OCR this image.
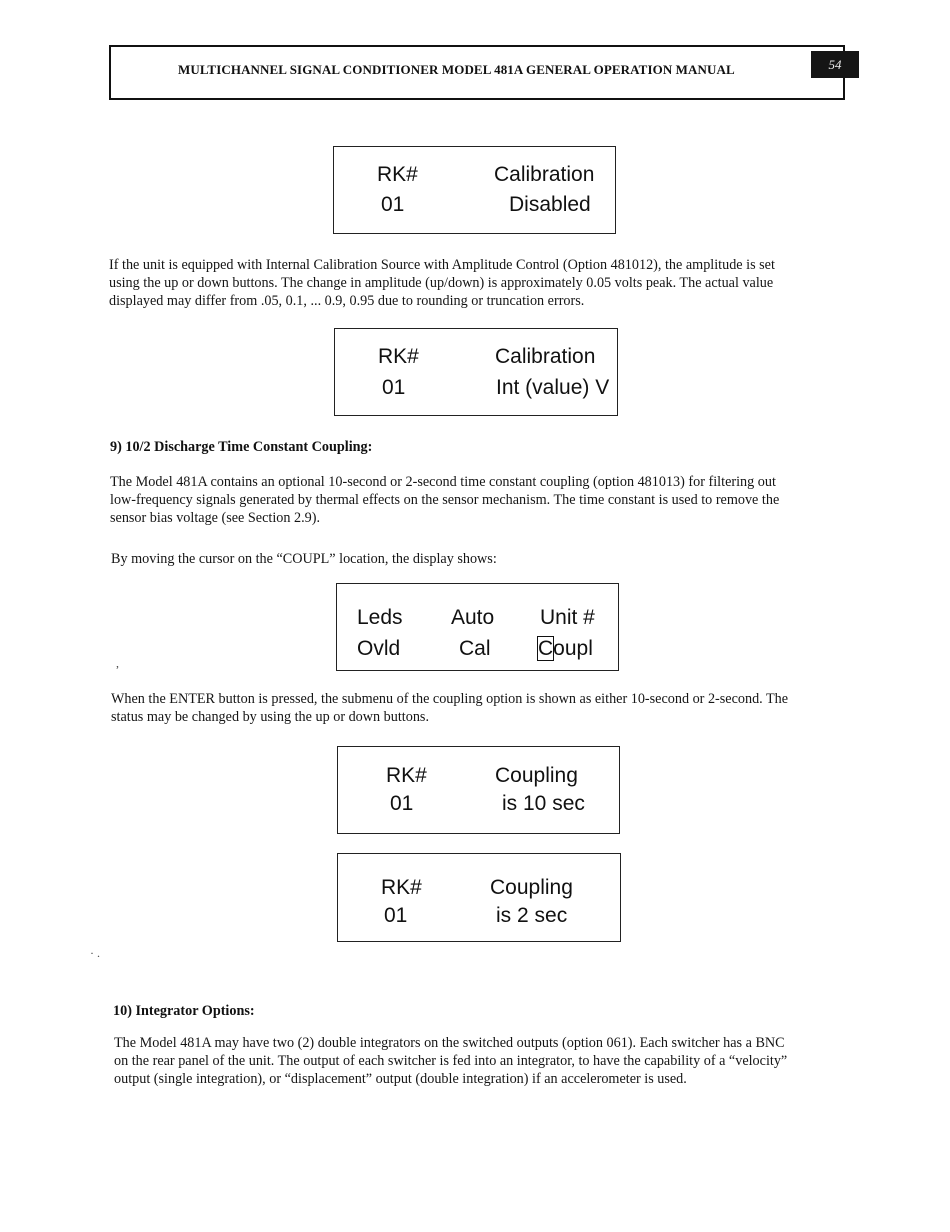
MULTICHANNEL SIGNAL CONDITIONER MODEL 481A GENERAL OPERATION MANUAL	54
RK#	Calibration
01	Disabled
If the unit is equipped with Internal Calibration Source with Amplitude Control (Option 481012), the amplitude is set
using the up or down buttons. The change in amplitude (up/down) is approximately 0.05 volts peak. The actual value
displayed may differ from .05, 0.1, ... 0.9, 0.95 due to rounding or truncation errors.
RK#	Calibration
01	Int (value) V
9) 10/2 Discharge Time Constant Coupling:
The Model 481A contains an optional 10-second or 2-second time constant coupling (option 481013) for filtering out
low-frequency signals generated by thermal effects on the sensor mechanism. The time constant is used to remove the
sensor bias voltage (see Section 2.9).
By moving the cursor on the “COUPL” location, the display shows:
Leds Auto Unit #
Ovld	Cal Coupl
,
When the ENTER button is pressed, the submenu of the coupling option is shown as either 10-second or 2-second. The
status may be changed by using the up or down buttons.
RK#	Coupling
01	is 10 sec
RK#	Coupling
01	is 2 sec
· .
10) Integrator Options:
The Model 481A may have two (2) double integrators on the switched outputs (option 061). Each switcher has a BNC
on the rear panel of the unit. The output of each switcher is fed into an integrator, to have the capability of a “velocity”
output (single integration), or “displacement” output (double integration) if an accelerometer is used.
